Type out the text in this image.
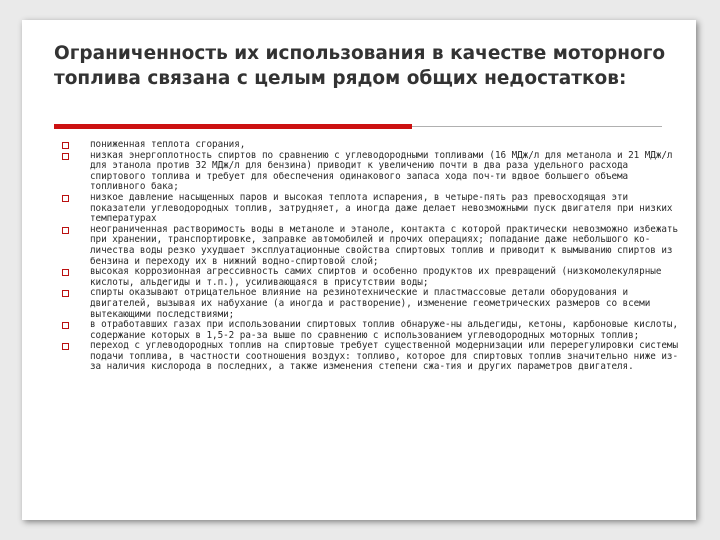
Ограниченность их использования в качестве моторного топлива связана с целым рядом общих недостатков:
пониженная теплота сгорания,
низкая энергоплотность спиртов по сравнению с углеводородными топливами (16 МДж/л для метанола и 21 МДж/л для этанола против 32 МДж/л для бензина) приводит к увеличению почти в два раза удельного расхода спиртового топлива и требует для обеспечения одинакового запаса хода поч-ти вдвое большего объема топливного бака;
низкое давление насыщенных паров и высокая теплота испарения, в четыре-пять раз превосходящая эти показатели углеводородных топлив, затрудняет, а иногда даже делает невозможными пуск двигателя при низких температурах
неограниченная растворимость воды в метаноле и этаноле, контакта с которой практически невозможно избежать при хранении, транспортировке, заправке автомобилей и прочих операциях; попадание даже небольшого ко-личества воды резко ухудшает эксплуатационные свойства спиртовых топлив и приводит к вымыванию спиртов из бензина и переходу их в нижний водно-спиртовой слой;
высокая коррозионная агрессивность самих спиртов и особенно продуктов их превращений (низкомолекулярные кислоты, альдегиды и т.п.), усиливающаяся в присутствии воды;
спирты оказывают отрицательное влияние на резинотехнические и пластмассовые детали оборудования и двигателей, вызывая их набухание (а иногда и растворение), изменение геометрических размеров со всеми вытекающими последствиями;
в отработавших газах при использовании спиртовых топлив обнаруже-ны альдегиды, кетоны, карбоновые кислоты, содержание которых в 1,5-2 ра-за выше по сравнению с использованием углеводородных моторных топлив;
переход с углеводородных топлив на спиртовые требует существенной модернизации или перерегулировки системы подачи топлива, в частности соотношения воздух: топливо, которое для спиртовых топлив значительно ниже из-за наличия кислорода в последних, а также изменения степени сжа-тия и других параметров двигателя.
